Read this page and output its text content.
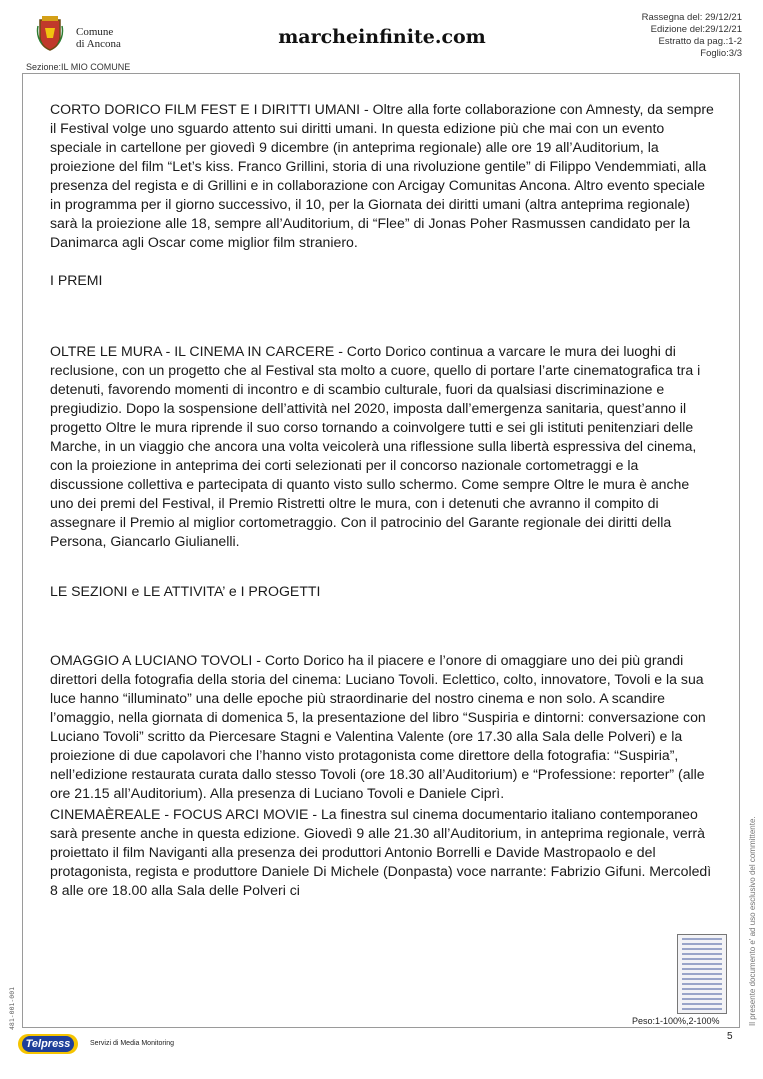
Comune
di Ancona	marcheinfinite.com
Rassegna del: 29/12/21
Edizione del:29/12/21
Estratto da pag.:1-2
Foglio:3/3
Sezione:IL MIO COMUNE

CORTO DORICO FILM FEST E I DIRITTI UMANI - Oltre alla forte collaborazione con Amnesty, da sempre il Festival volge uno sguardo attento sui diritti umani. In questa edizione più che mai con un evento speciale in cartellone per giovedì 9 dicembre (in anteprima regionale) alle ore 19 all’Auditorium, la proiezione del film “Let’s kiss. Franco Grillini, storia di una rivoluzione gentile” di Filippo Vendemmiati, alla presenza del regista e di Grillini e in collaborazione con Arcigay Comunitas Ancona. Altro evento speciale in programma per il giorno successivo, il 10, per la Giornata dei diritti umani (altra anteprima regionale) sarà la proiezione alle 18, sempre all’Auditorium, di “Flee” di Jonas Poher Rasmussen candidato per la Danimarca agli Oscar come miglior film straniero.

I PREMI

OLTRE LE MURA - IL CINEMA IN CARCERE - Corto Dorico continua a varcare le mura dei luoghi di reclusione, con un progetto che al Festival sta molto a cuore, quello di portare l’arte cinematografica tra i detenuti, favorendo momenti di incontro e di scambio culturale, fuori da qualsiasi discriminazione e pregiudizio. Dopo la sospensione dell’attività nel 2020, imposta dall’emergenza sanitaria, quest’anno il progetto Oltre le mura riprende il suo corso tornando a coinvolgere tutti e sei gli istituti penitenziari delle Marche, in un viaggio che ancora una volta veicolerà una riflessione sulla libertà espressiva del cinema, con la proiezione in anteprima dei corti selezionati per il concorso nazionale cortometraggi e la discussione collettiva e partecipata di quanto visto sullo schermo. Come sempre Oltre le mura è anche uno dei premi del Festival, il Premio Ristretti oltre le mura, con i detenuti che avranno il compito di assegnare il Premio al miglior cortometraggio. Con il patrocinio del Garante regionale dei diritti della Persona, Giancarlo Giulianelli.

LE SEZIONI e LE ATTIVITA’ e I PROGETTI

OMAGGIO A LUCIANO TOVOLI - Corto Dorico ha il piacere e l’onore di omaggiare uno dei più grandi direttori della fotografia della storia del cinema: Luciano Tovoli. Eclettico, colto, innovatore, Tovoli e la sua luce hanno “illuminato” una delle epoche più straordinarie del nostro cinema e non solo. A scandire l’omaggio, nella giornata di domenica 5, la presentazione del libro “Suspiria e dintorni: conversazione con Luciano Tovoli” scritto da Piercesare Stagni e Valentina Valente (ore 17.30 alla Sala delle Polveri) e la proiezione di due capolavori che l’hanno visto protagonista come direttore della fotografia: “Suspiria”, nell’edizione restaurata curata dallo stesso Tovoli (ore 18.30 all’Auditorium) e “Professione: reporter” (alle ore 21.15 all’Auditorium). Alla presenza di Luciano Tovoli e Daniele Ciprì.

CINEMAÈREALE - FOCUS ARCI MOVIE - La finestra sul cinema documentario italiano contemporaneo sarà presente anche in questa edizione. Giovedì 9 alle 21.30 all’Auditorium, in anteprima regionale, verrà proiettato il film Naviganti alla presenza dei produttori Antonio Borrelli e Davide Mastropaolo e del protagonista, regista e produttore Daniele Di Michele (Donpasta) voce narrante: Fabrizio Gifuni. Mercoledì 8 alle ore 18.00 alla Sala delle Polveri ci

Peso:1-100%,2-100%
5
Il presente documento e' ad uso esclusivo del committente.
481-001-001
Telpress	Servizi di Media Monitoring
